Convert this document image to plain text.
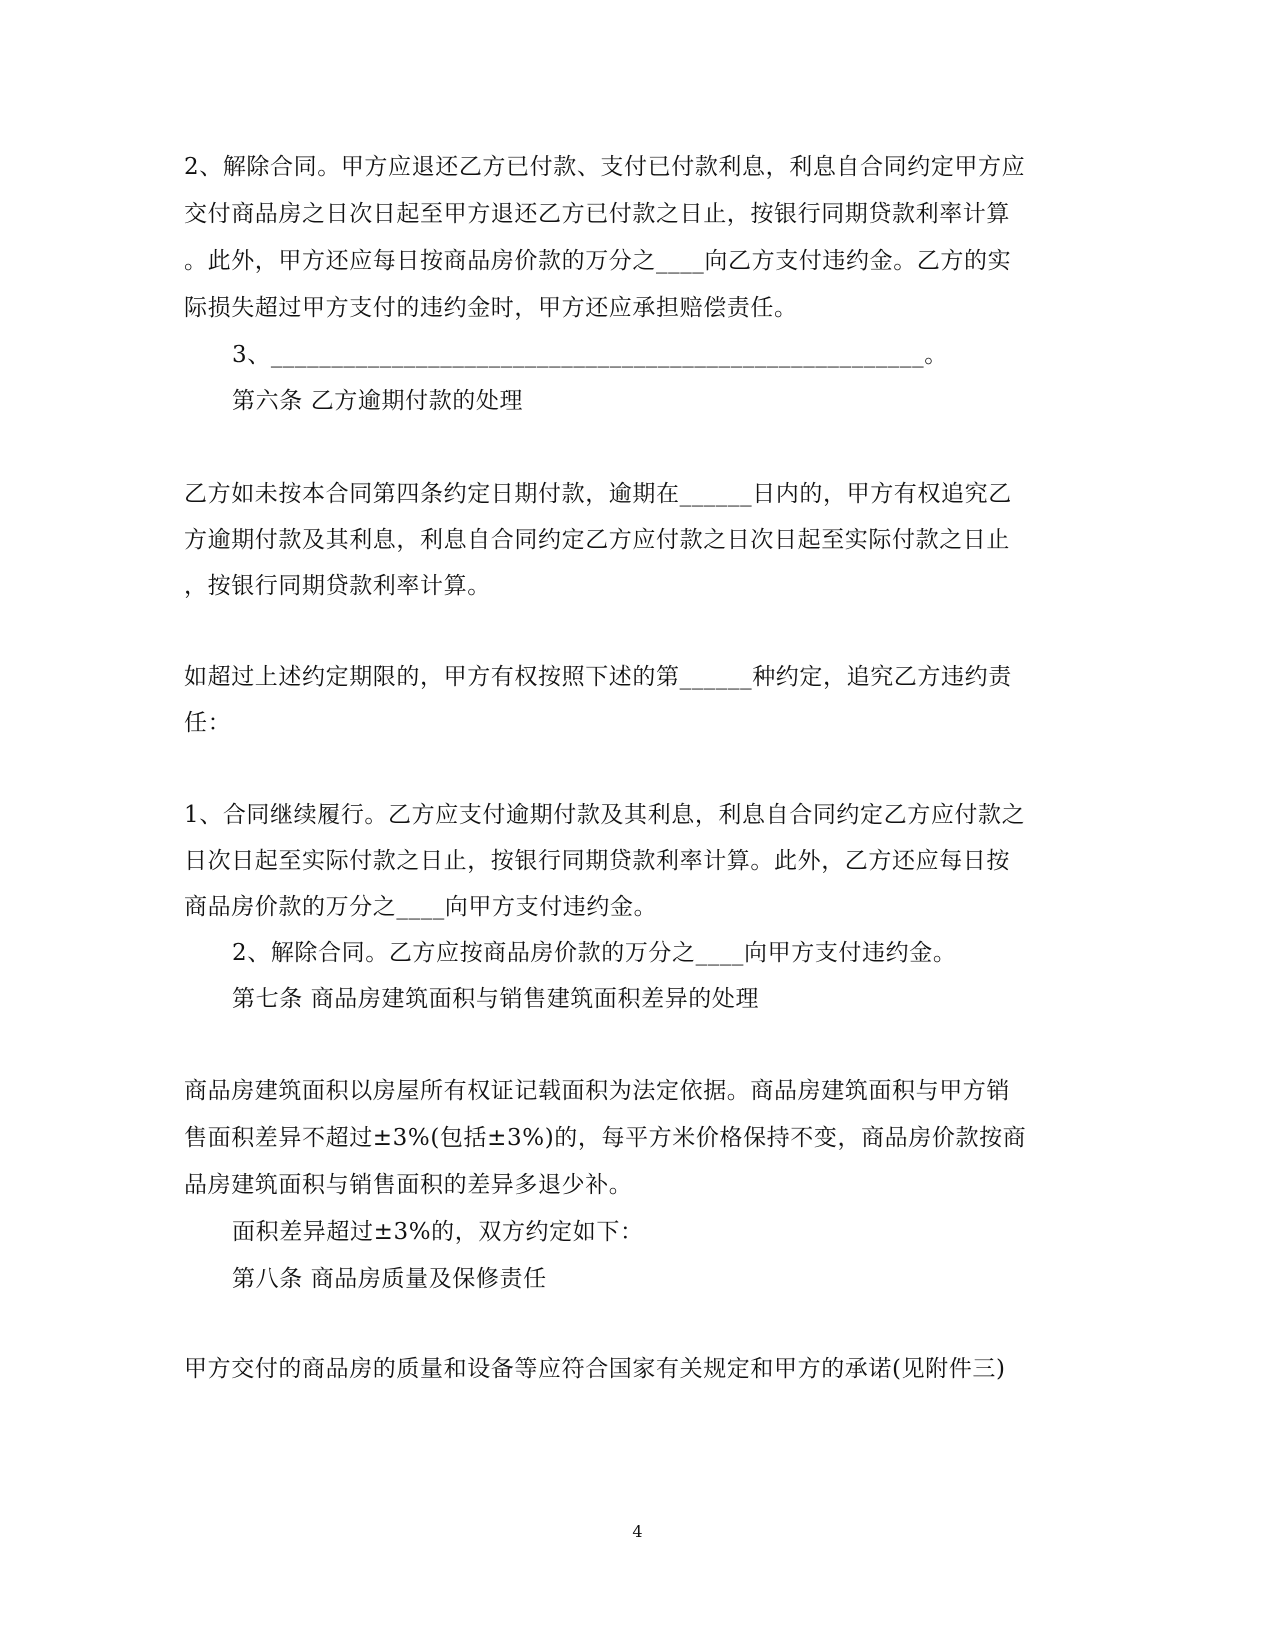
2、解除合同。甲方应退还乙方已付款、支付已付款利息，利息自合同约定甲方应
交付商品房之日次日起至甲方退还乙方已付款之日止，按银行同期贷款利率计算
。此外，甲方还应每日按商品房价款的万分之____向乙方支付违约金。乙方的实
际损失超过甲方支付的违约金时，甲方还应承担赔偿责任。
3、______________________________________________________。
第六条 乙方逾期付款的处理
乙方如未按本合同第四条约定日期付款，逾期在______日内的，甲方有权追究乙
方逾期付款及其利息，利息自合同约定乙方应付款之日次日起至实际付款之日止
，按银行同期贷款利率计算。
如超过上述约定期限的，甲方有权按照下述的第______种约定，追究乙方违约责
任：
1、合同继续履行。乙方应支付逾期付款及其利息，利息自合同约定乙方应付款之
日次日起至实际付款之日止，按银行同期贷款利率计算。此外，乙方还应每日按
商品房价款的万分之____向甲方支付违约金。
2、解除合同。乙方应按商品房价款的万分之____向甲方支付违约金。
第七条 商品房建筑面积与销售建筑面积差异的处理
商品房建筑面积以房屋所有权证记载面积为法定依据。商品房建筑面积与甲方销
售面积差异不超过±3%(包括±3%)的，每平方米价格保持不变，商品房价款按商
品房建筑面积与销售面积的差异多退少补。
面积差异超过±3%的，双方约定如下：
第八条 商品房质量及保修责任
甲方交付的商品房的质量和设备等应符合国家有关规定和甲方的承诺(见附件三)
4
